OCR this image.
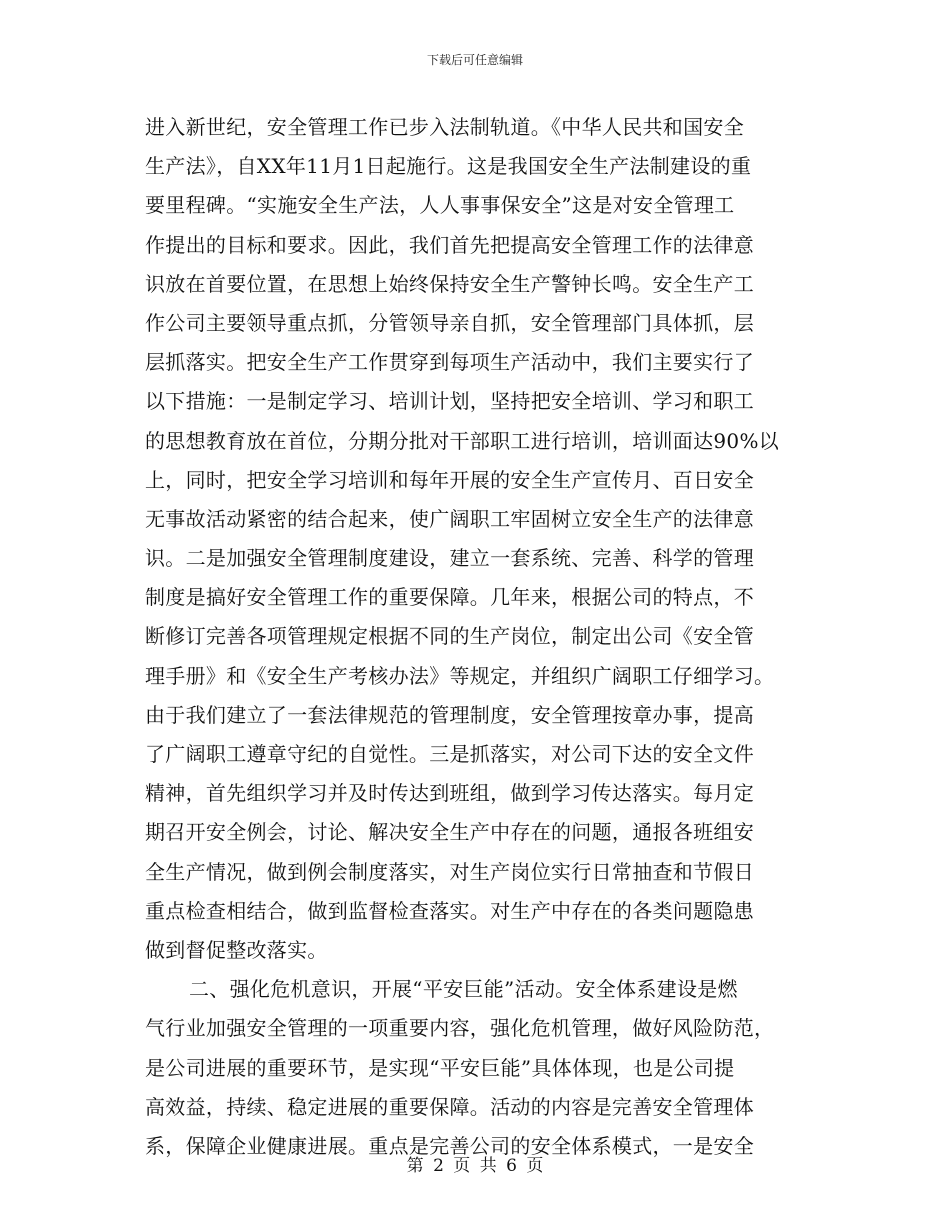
下载后可任意编辑
进入新世纪，安全管理工作已步入法制轨道。《中华人民共和国安全
生产法》，自XX年11月1日起施行。这是我国安全生产法制建设的重
要里程碑。“实施安全生产法，人人事事保安全”这是对安全管理工
作提出的目标和要求。因此，我们首先把提高安全管理工作的法律意
识放在首要位置，在思想上始终保持安全生产警钟长鸣。安全生产工
作公司主要领导重点抓，分管领导亲自抓，安全管理部门具体抓，层
层抓落实。把安全生产工作贯穿到每项生产活动中，我们主要实行了
以下措施：一是制定学习、培训计划，坚持把安全培训、学习和职工
的思想教育放在首位，分期分批对干部职工进行培训，培训面达90%以
上，同时，把安全学习培训和每年开展的安全生产宣传月、百日安全
无事故活动紧密的结合起来，使广阔职工牢固树立安全生产的法律意
识。二是加强安全管理制度建设，建立一套系统、完善、科学的管理
制度是搞好安全管理工作的重要保障。几年来，根据公司的特点，不
断修订完善各项管理规定根据不同的生产岗位，制定出公司《安全管
理手册》和《安全生产考核办法》等规定，并组织广阔职工仔细学习。
由于我们建立了一套法律规范的管理制度，安全管理按章办事，提高
了广阔职工遵章守纪的自觉性。三是抓落实，对公司下达的安全文件
精神，首先组织学习并及时传达到班组，做到学习传达落实。每月定
期召开安全例会，讨论、解决安全生产中存在的问题，通报各班组安
全生产情况，做到例会制度落实，对生产岗位实行日常抽查和节假日
重点检查相结合，做到监督检查落实。对生产中存在的各类问题隐患
做到督促整改落实。
二、强化危机意识，开展“平安巨能”活动。安全体系建设是燃
气行业加强安全管理的一项重要内容，强化危机管理，做好风险防范，
是公司进展的重要环节，是实现“平安巨能”具体体现，也是公司提
高效益，持续、稳定进展的重要保障。活动的内容是完善安全管理体
系，保障企业健康进展。重点是完善公司的安全体系模式，一是安全
第 2 页 共 6 页
